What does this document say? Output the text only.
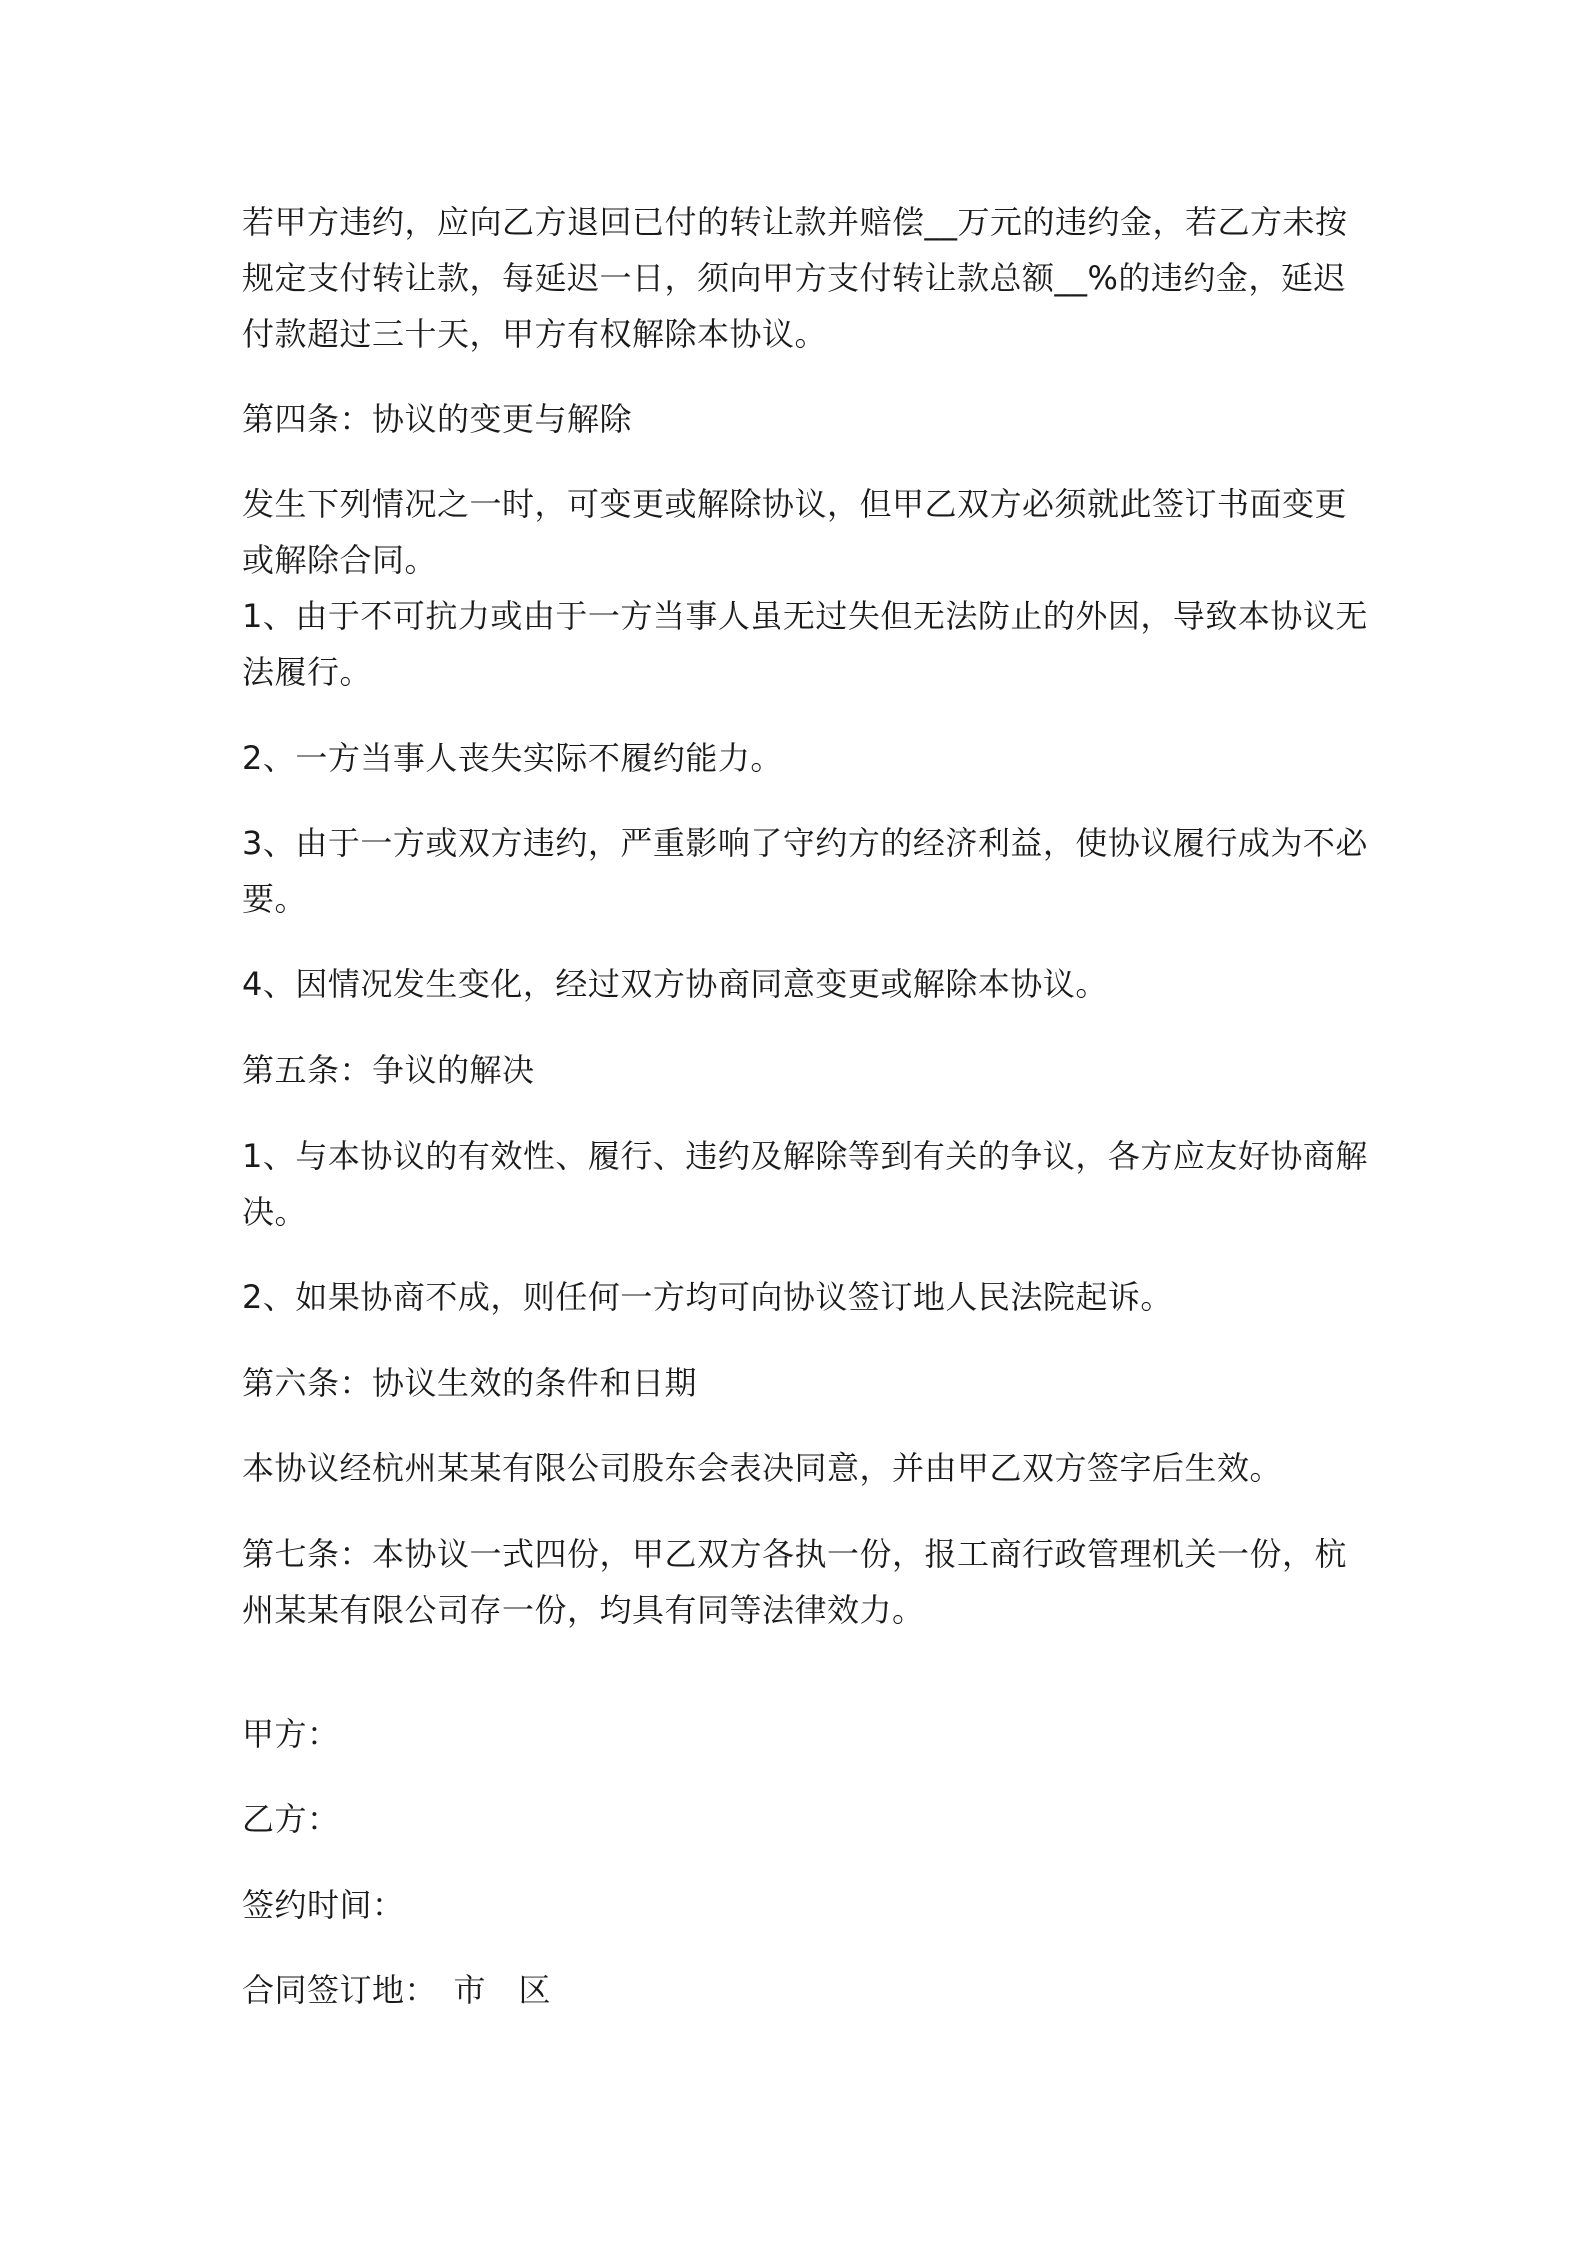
若甲方违约，应向乙方退回已付的转让款并赔偿__万元的违约金，若乙方未按
规定支付转让款，每延迟一日，须向甲方支付转让款总额__%的违约金，延迟
付款超过三十天，甲方有权解除本协议。
第四条：协议的变更与解除
发生下列情况之一时，可变更或解除协议，但甲乙双方必须就此签订书面变更
或解除合同。
1、由于不可抗力或由于一方当事人虽无过失但无法防止的外因，导致本协议无
法履行。
2、一方当事人丧失实际不履约能力。
3、由于一方或双方违约，严重影响了守约方的经济利益，使协议履行成为不必
要。
4、因情况发生变化，经过双方协商同意变更或解除本协议。
第五条：争议的解决
1、与本协议的有效性、履行、违约及解除等到有关的争议，各方应友好协商解
决。
2、如果协商不成，则任何一方均可向协议签订地人民法院起诉。
第六条：协议生效的条件和日期
本协议经杭州某某有限公司股东会表决同意，并由甲乙双方签字后生效。
第七条：本协议一式四份，甲乙双方各执一份，报工商行政管理机关一份，杭
州某某有限公司存一份，均具有同等法律效力。
甲方：
乙方：
签约时间：
合同签订地：　市　区
